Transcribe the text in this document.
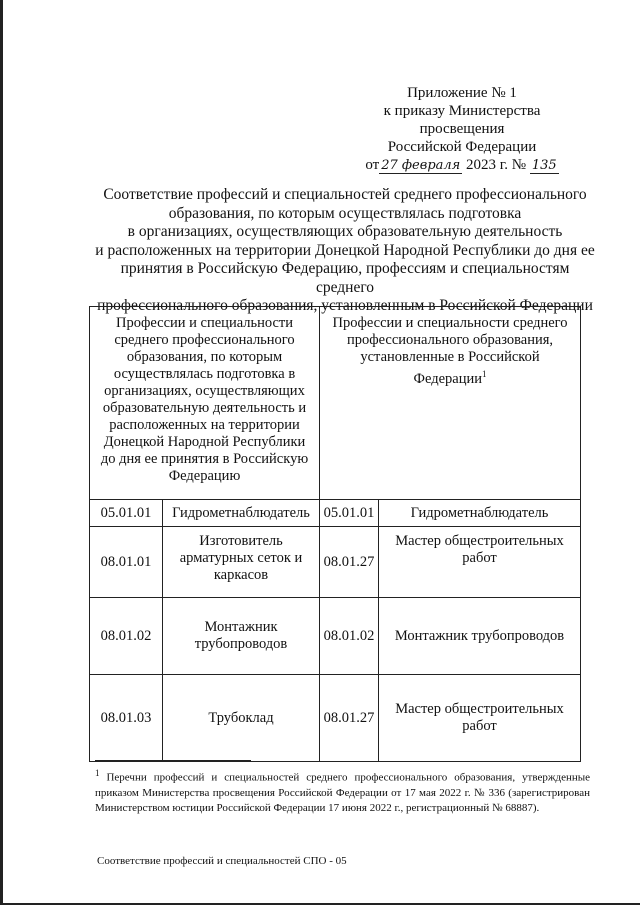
Приложение № 1
к приказу Министерства
просвещения
Российской Федерации
от 27 февраля 2023 г. № 135
Соответствие профессий и специальностей среднего профессионального
образования, по которым осуществлялась подготовка
в организациях, осуществляющих образовательную деятельность
и расположенных на территории Донецкой Народной Республики до дня ее
принятия в Российскую Федерацию, профессиям и специальностям среднего
профессионального образования, установленным в Российской Федерации
Профессии и специальности среднего профессионального образования, по которым осуществлялась подготовка в организациях, осуществляющих образовательную деятельность и расположенных на территории Донецкой Народной Республики до дня ее принятия в Российскую Федерацию		Профессии и специальности среднего профессионального образования, установленные в Российской Федерации$^1$
05.01.01	Гидрометнаблюдатель	05.01.01	Гидрометнаблюдатель
08.01.01	Изготовитель арматурных сеток и каркасов	08.01.27	Мастер общестроительных работ
08.01.02	Монтажник трубопроводов	08.01.02	Монтажник трубопроводов
08.01.03	Трубоклад	08.01.27	Мастер общестроительных работ
$^1$ Перечни профессий и специальностей среднего профессионального образования, утвержденные приказом Министерства просвещения Российской Федерации от 17 мая 2022 г. № 336 (зарегистрирован Министерством юстиции Российской Федерации 17 июня 2022 г., регистрационный № 68887).
Соответствие профессий и специальностей СПО - 05
